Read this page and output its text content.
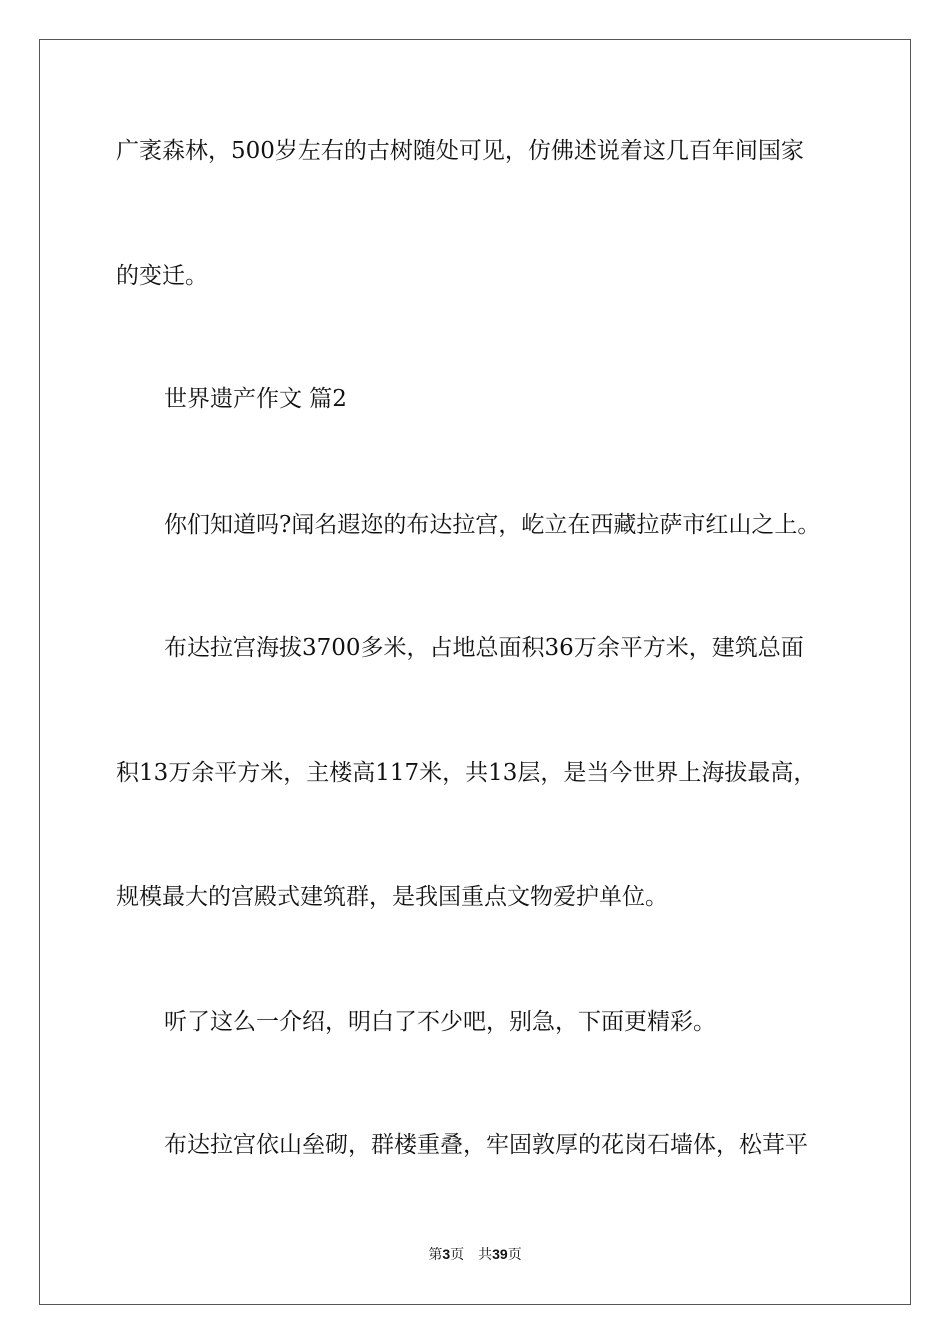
广袤森林，500岁左右的古树随处可见，仿佛述说着这几百年间国家

的变迁。

世界遗产作文 篇2

你们知道吗?闻名遐迩的布达拉宫，屹立在西藏拉萨市红山之上。

布达拉宫海拔3700多米，占地总面积36万余平方米，建筑总面

积13万余平方米，主楼高117米，共13层，是当今世界上海拔最高，

规模最大的宫殿式建筑群，是我国重点文物爱护单位。

听了这么一介绍，明白了不少吧，别急，下面更精彩。

布达拉宫依山垒砌，群楼重叠，牢固敦厚的花岗石墙体，松茸平

第3页 共39页
